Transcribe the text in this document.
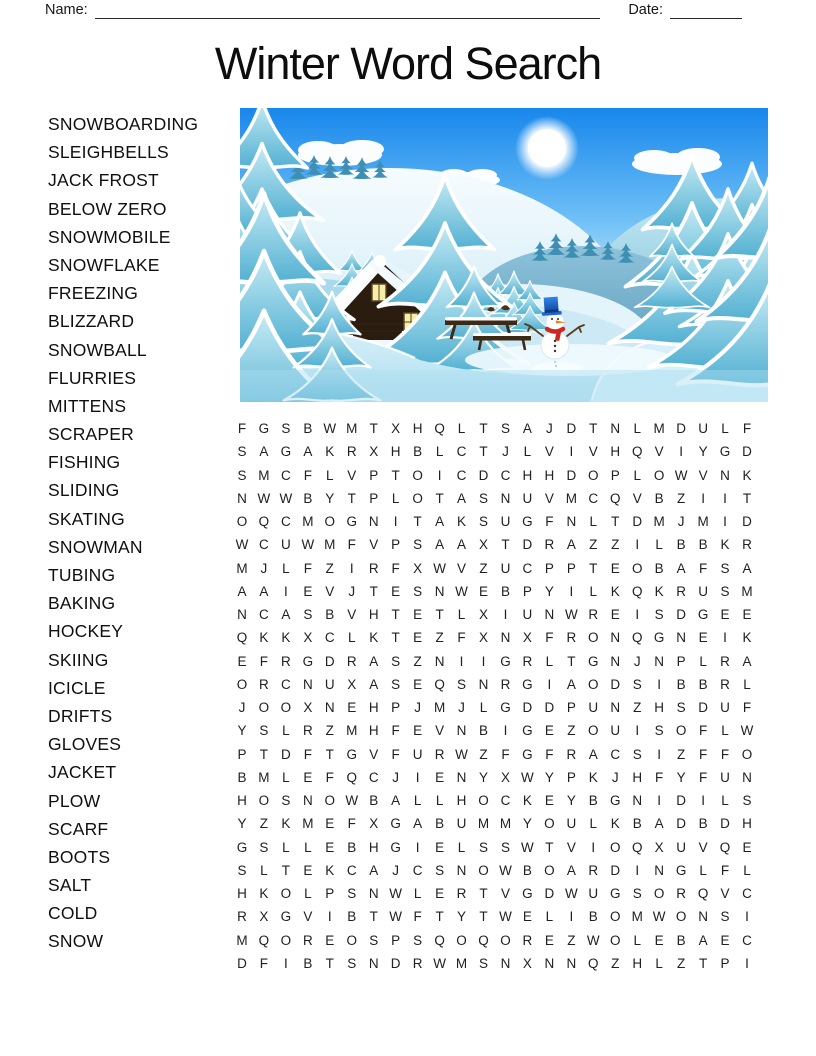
Name:	Date:
Winter Word Search
SNOWBOARDING
SLEIGHBELLS
JACK FROST
BELOW ZERO
SNOWMOBILE
SNOWFLAKE
FREEZING
BLIZZARD
SNOWBALL
FLURRIES
MITTENS
SCRAPER
FISHING
SLIDING
SKATING
SNOWMAN
TUBING
BAKING
HOCKEY
SKIING
ICICLE
DRIFTS
GLOVES
JACKET
PLOW
SCARF
BOOTS
SALT
COLD
SNOW
F G S B W M T X H Q L	T S A	J	D T N L M D U L	F
S A G A K R X H B	L C T	J	L	V	I	V H Q V	I	Y G D
S M C F	L	V P T O	I	C D C H H D O P	L O W V N K
N W W B Y T P	L O T A S N U V M C Q V B Z	I	I	T
O Q C M O G N	I	T A K S U G F N L	T D M J M	I	D
W C U W M F V P S A A X T D R A Z	Z	I	L	B B K R
M J	L	F	Z	I	R F X W V Z U C P P T E O B A F S A
A A	I	E V	J	T E S N W E B P Y	I	L	K Q K R U S M
N C A S B V H T E T	L	X	I	U N W R E	I	S D G E E
Q K K X C L	K T E Z	F X N X F R O N Q G N E	I	K
E F R G D R A S Z N	I	I	G R L	T G N	J	N P	L R A
O R C N U X A S E Q S N R G	I	A O D S	I	B B R L
J O O X N E H P	J M J	L G D D P U N Z H S D U F
Y S	L R Z M H F E V N B	I	G E Z O U	I	S O F	L W
P T D F	T G V F U R W Z	F G F R A C S	I	Z	F	F O
B M L	E F Q C	J	I	E N Y X W Y P K	J	H F Y F U N
H O S N O W B A	L	L H O C K E Y B G N	I	D	I	L	S
Y Z K M E F X G A B U M M Y O U L	K B A D B D H
G S	L	L	E B H G	I	E	L	S S W T V	I	O Q X U V Q E
S	L	T E K C A	J	C S N O W B O A R D	I	N G L	F	L
H K O L	P S N W L	E R T V G D W U G S O R Q V C
R X G V	I	B T W F	T Y T W E	L	I	B O M W O N S	I
M Q O R E O S P S Q O Q O R E Z W O L	E B A E C
D F	I	B T S N D R W M S N X N N Q Z H L	Z	T P	I
